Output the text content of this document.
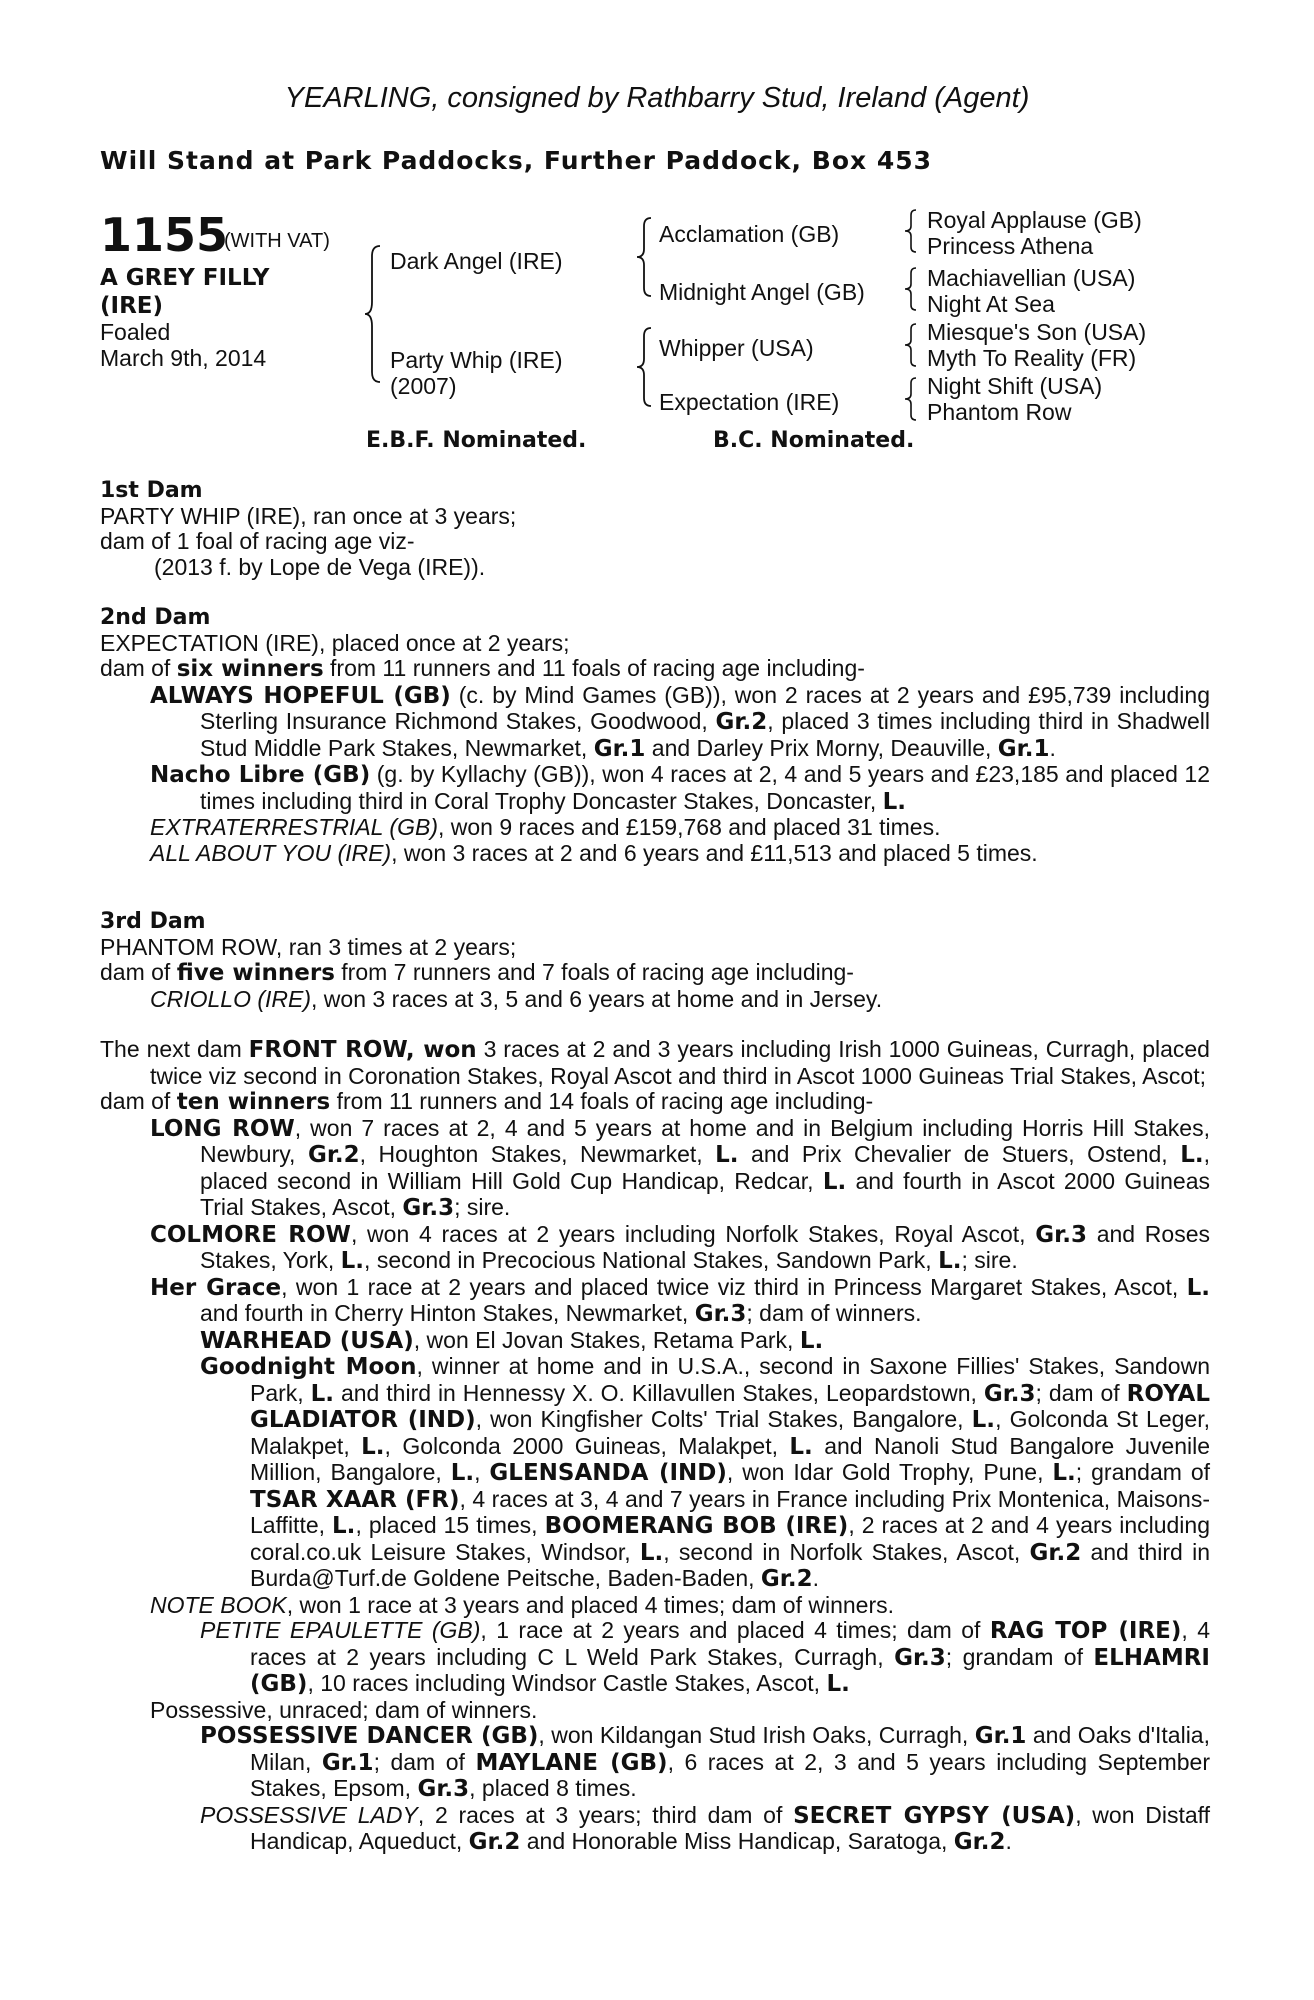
YEARLING, consigned by Rathbarry Stud, Ireland (Agent)
Will Stand at Park Paddocks, Further Paddock, Box 453
1155
(WITH VAT)
A GREY FILLY
(IRE)
Foaled
March 9th, 2014
Dark Angel (IRE)
Party Whip (IRE)
(2007)
Acclamation (GB)
Midnight Angel (GB)
Whipper (USA)
Expectation (IRE)
Royal Applause (GB)
Princess Athena
Machiavellian (USA)
Night At Sea
Miesque's Son (USA)
Myth To Reality (FR)
Night Shift (USA)
Phantom Row
E.B.F. Nominated.	B.C. Nominated.

1st Dam

PARTY WHIP (IRE), ran once at 3 years;

dam of 1 foal of racing age viz-

(2013 f. by Lope de Vega (IRE)).

2nd Dam

EXPECTATION (IRE), placed once at 2 years;

dam of six winners from 11 runners and 11 foals of racing age including-

ALWAYS HOPEFUL (GB) (c. by Mind Games (GB)), won 2 races at 2 years and £95,739 including Sterling Insurance Richmond Stakes, Goodwood, Gr.2, placed 3 times including third in Shadwell Stud Middle Park Stakes, Newmarket, Gr.1 and Darley Prix Morny, Deauville, Gr.1.

Nacho Libre (GB) (g. by Kyllachy (GB)), won 4 races at 2, 4 and 5 years and £23,185 and placed 12 times including third in Coral Trophy Doncaster Stakes, Doncaster, L.

EXTRATERRESTRIAL (GB), won 9 races and £159,768 and placed 31 times.

ALL ABOUT YOU (IRE), won 3 races at 2 and 6 years and £11,513 and placed 5 times.

3rd Dam

PHANTOM ROW, ran 3 times at 2 years;

dam of five winners from 7 runners and 7 foals of racing age including-

CRIOLLO (IRE), won 3 races at 3, 5 and 6 years at home and in Jersey.

The next dam FRONT ROW, won 3 races at 2 and 3 years including Irish 1000 Guineas, Curragh, placed twice viz second in Coronation Stakes, Royal Ascot and third in Ascot 1000 Guineas Trial Stakes, Ascot;

dam of ten winners from 11 runners and 14 foals of racing age including-

LONG ROW, won 7 races at 2, 4 and 5 years at home and in Belgium including Horris Hill Stakes, Newbury, Gr.2, Houghton Stakes, Newmarket, L. and Prix Chevalier de Stuers, Ostend, L., placed second in William Hill Gold Cup Handicap, Redcar, L. and fourth in Ascot 2000 Guineas Trial Stakes, Ascot, Gr.3; sire.

COLMORE ROW, won 4 races at 2 years including Norfolk Stakes, Royal Ascot, Gr.3 and Roses Stakes, York, L., second in Precocious National Stakes, Sandown Park, L.; sire.

Her Grace, won 1 race at 2 years and placed twice viz third in Princess Margaret Stakes, Ascot, L. and fourth in Cherry Hinton Stakes, Newmarket, Gr.3; dam of winners.

WARHEAD (USA), won El Jovan Stakes, Retama Park, L.

Goodnight Moon, winner at home and in U.S.A., second in Saxone Fillies' Stakes, Sandown Park, L. and third in Hennessy X. O. Killavullen Stakes, Leopardstown, Gr.3; dam of ROYAL GLADIATOR (IND), won Kingfisher Colts' Trial Stakes, Bangalore, L., Golconda St Leger, Malakpet, L., Golconda 2000 Guineas, Malakpet, L. and Nanoli Stud Bangalore Juvenile Million, Bangalore, L., GLENSANDA (IND), won Idar Gold Trophy, Pune, L.; grandam of TSAR XAAR (FR), 4 races at 3, 4 and 7 years in France including Prix Montenica, Maisons-Laffitte, L., placed 15 times, BOOMERANG BOB (IRE), 2 races at 2 and 4 years including coral.co.uk Leisure Stakes, Windsor, L., second in Norfolk Stakes, Ascot, Gr.2 and third in Burda@Turf.de Goldene Peitsche, Baden-Baden, Gr.2.

NOTE BOOK, won 1 race at 3 years and placed 4 times; dam of winners.

PETITE EPAULETTE (GB), 1 race at 2 years and placed 4 times; dam of RAG TOP (IRE), 4 races at 2 years including C L Weld Park Stakes, Curragh, Gr.3; grandam of ELHAMRI (GB), 10 races including Windsor Castle Stakes, Ascot, L.

Possessive, unraced; dam of winners.

POSSESSIVE DANCER (GB), won Kildangan Stud Irish Oaks, Curragh, Gr.1 and Oaks d'Italia, Milan, Gr.1; dam of MAYLANE (GB), 6 races at 2, 3 and 5 years including September Stakes, Epsom, Gr.3, placed 8 times.

POSSESSIVE LADY, 2 races at 3 years; third dam of SECRET GYPSY (USA), won Distaff Handicap, Aqueduct, Gr.2 and Honorable Miss Handicap, Saratoga, Gr.2.
